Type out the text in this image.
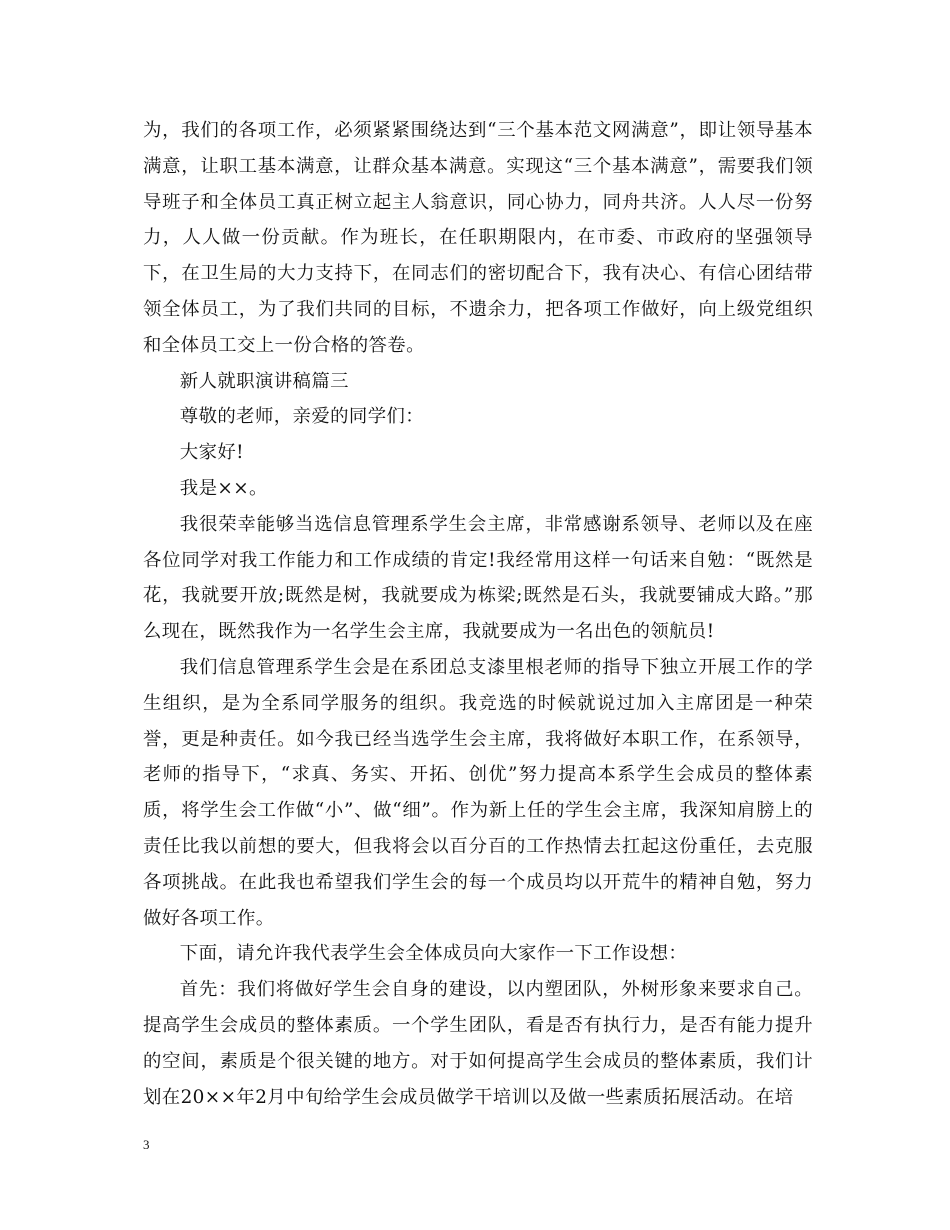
为，我们的各项工作，必须紧紧围绕达到“三个基本范文网满意”，即让领导基本满意，让职工基本满意，让群众基本满意。实现这“三个基本满意”，需要我们领导班子和全体员工真正树立起主人翁意识，同心协力，同舟共济。人人尽一份努力，人人做一份贡献。作为班长，在任职期限内，在市委、市政府的坚强领导下，在卫生局的大力支持下，在同志们的密切配合下，我有决心、有信心团结带领全体员工，为了我们共同的目标，不遗余力，把各项工作做好，向上级党组织和全体员工交上一份合格的答卷。

新人就职演讲稿篇三

尊敬的老师，亲爱的同学们：

大家好!

我是××。

我很荣幸能够当选信息管理系学生会主席，非常感谢系领导、老师以及在座各位同学对我工作能力和工作成绩的肯定!我经常用这样一句话来自勉：“既然是花，我就要开放;既然是树，我就要成为栋梁;既然是石头，我就要铺成大路。”那么现在，既然我作为一名学生会主席，我就要成为一名出色的领航员!

我们信息管理系学生会是在系团总支漆里根老师的指导下独立开展工作的学生组织，是为全系同学服务的组织。我竞选的时候就说过加入主席团是一种荣誉，更是种责任。如今我已经当选学生会主席，我将做好本职工作，在系领导，老师的指导下，“求真、务实、开拓、创优”努力提高本系学生会成员的整体素质，将学生会工作做“小”、做“细”。作为新上任的学生会主席，我深知肩膀上的责任比我以前想的要大，但我将会以百分百的工作热情去扛起这份重任，去克服各项挑战。在此我也希望我们学生会的每一个成员均以开荒牛的精神自勉，努力做好各项工作。

下面，请允许我代表学生会全体成员向大家作一下工作设想：

首先：我们将做好学生会自身的建设，以内塑团队，外树形象来要求自己。提高学生会成员的整体素质。一个学生团队，看是否有执行力，是否有能力提升的空间，素质是个很关键的地方。对于如何提高学生会成员的整体素质，我们计划在20××年2月中旬给学生会成员做学干培训以及做一些素质拓展活动。在培

3
